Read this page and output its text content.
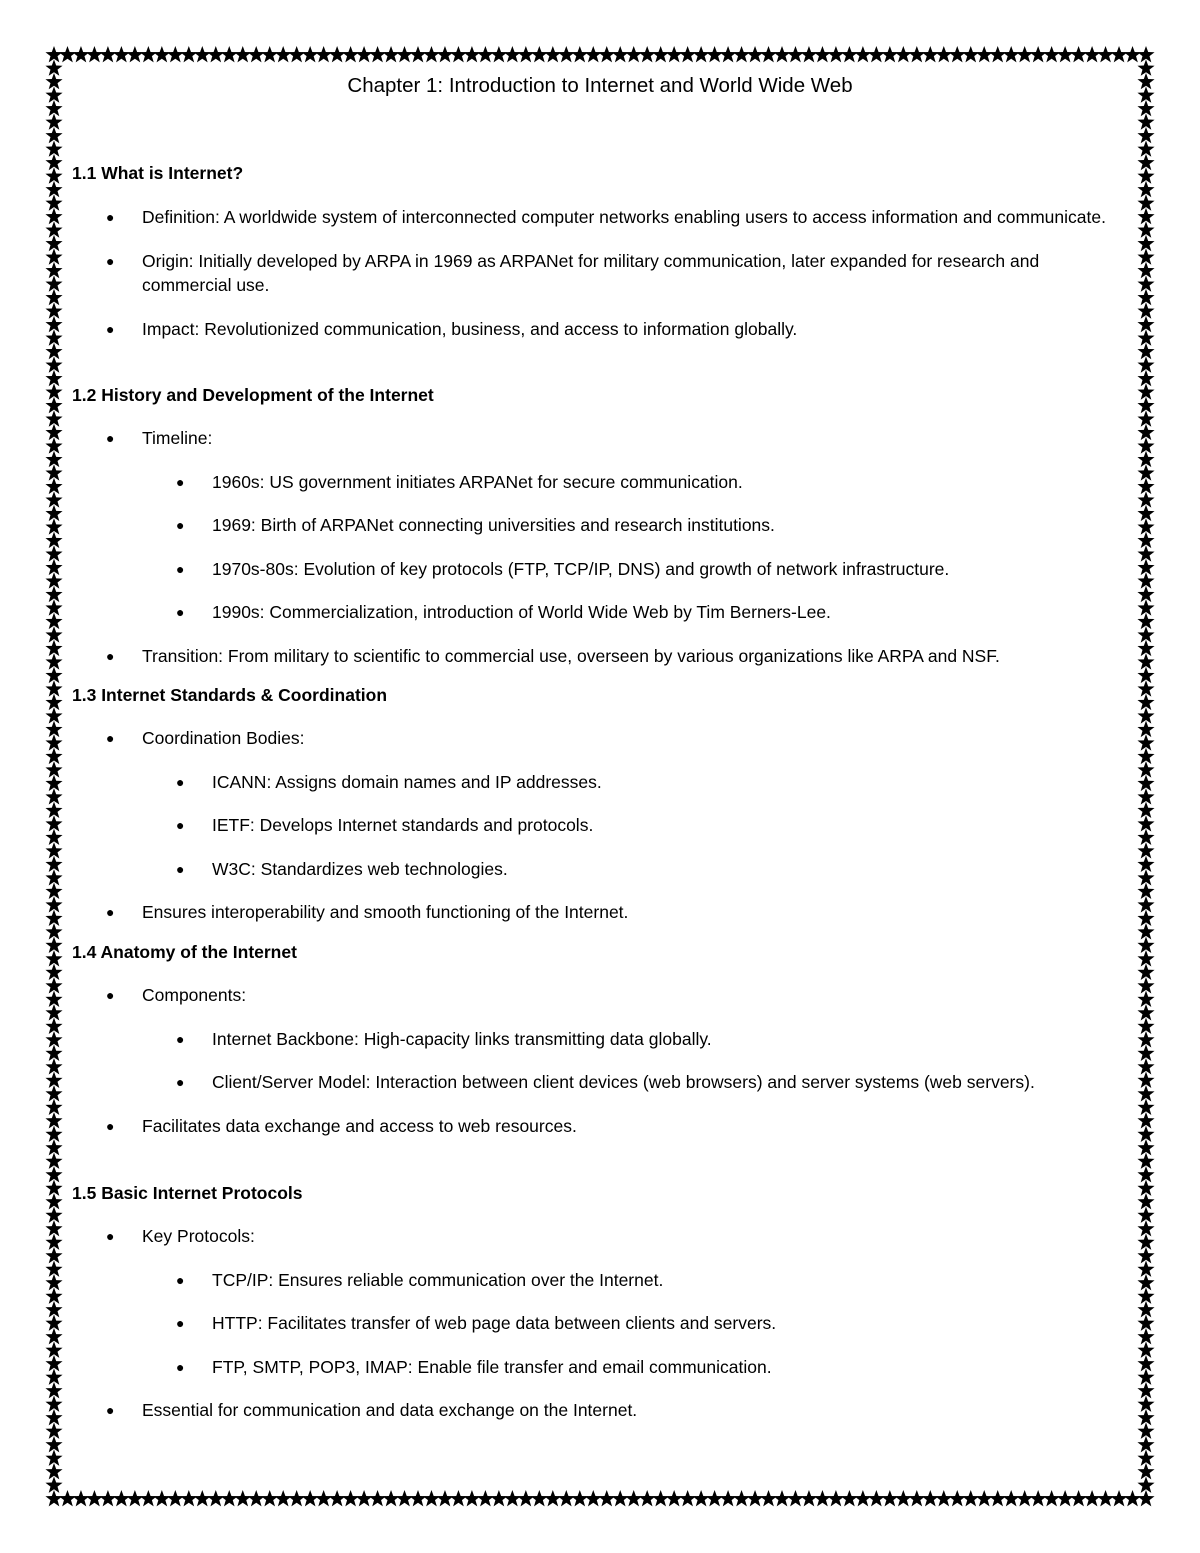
Chapter 1: Introduction to Internet and World Wide Web

1.1 What is Internet?

● Definition: A worldwide system of interconnected computer networks enabling users to access information and communicate.

● Origin: Initially developed by ARPA in 1969 as ARPANet for military communication, later expanded for research and commercial use.

● Impact: Revolutionized communication, business, and access to information globally.

1.2 History and Development of the Internet

● Timeline:

● 1960s: US government initiates ARPANet for secure communication.

● 1969: Birth of ARPANet connecting universities and research institutions.

● 1970s-80s: Evolution of key protocols (FTP, TCP/IP, DNS) and growth of network infrastructure.

● 1990s: Commercialization, introduction of World Wide Web by Tim Berners-Lee.

● Transition: From military to scientific to commercial use, overseen by various organizations like ARPA and NSF.

1.3 Internet Standards & Coordination

● Coordination Bodies:

● ICANN: Assigns domain names and IP addresses.

● IETF: Develops Internet standards and protocols.

● W3C: Standardizes web technologies.

● Ensures interoperability and smooth functioning of the Internet.

1.4 Anatomy of the Internet

● Components:

● Internet Backbone: High-capacity links transmitting data globally.

● Client/Server Model: Interaction between client devices (web browsers) and server systems (web servers).

● Facilitates data exchange and access to web resources.

1.5 Basic Internet Protocols

● Key Protocols:

● TCP/IP: Ensures reliable communication over the Internet.

● HTTP: Facilitates transfer of web page data between clients and servers.

● FTP, SMTP, POP3, IMAP: Enable file transfer and email communication.

● Essential for communication and data exchange on the Internet.
